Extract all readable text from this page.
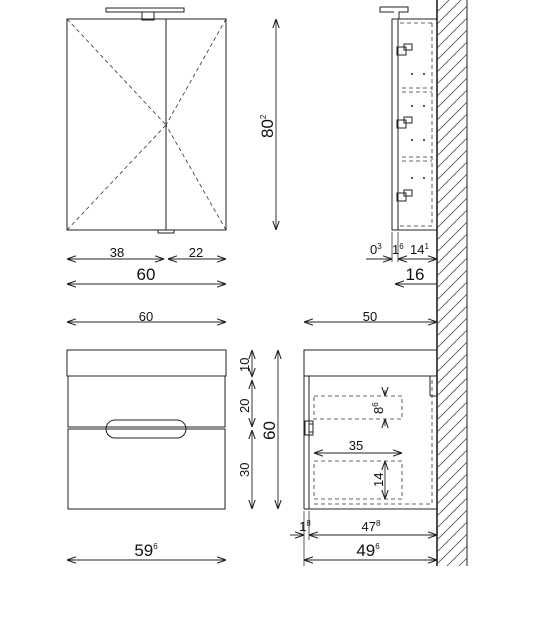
38	22
60
$80^2$
$0^3$ $1^6$ $14^1$
16
60
10
20
30
60
$59^6$
50
35
$8^6$
14
$1^8$	$47^8$
$49^6$
